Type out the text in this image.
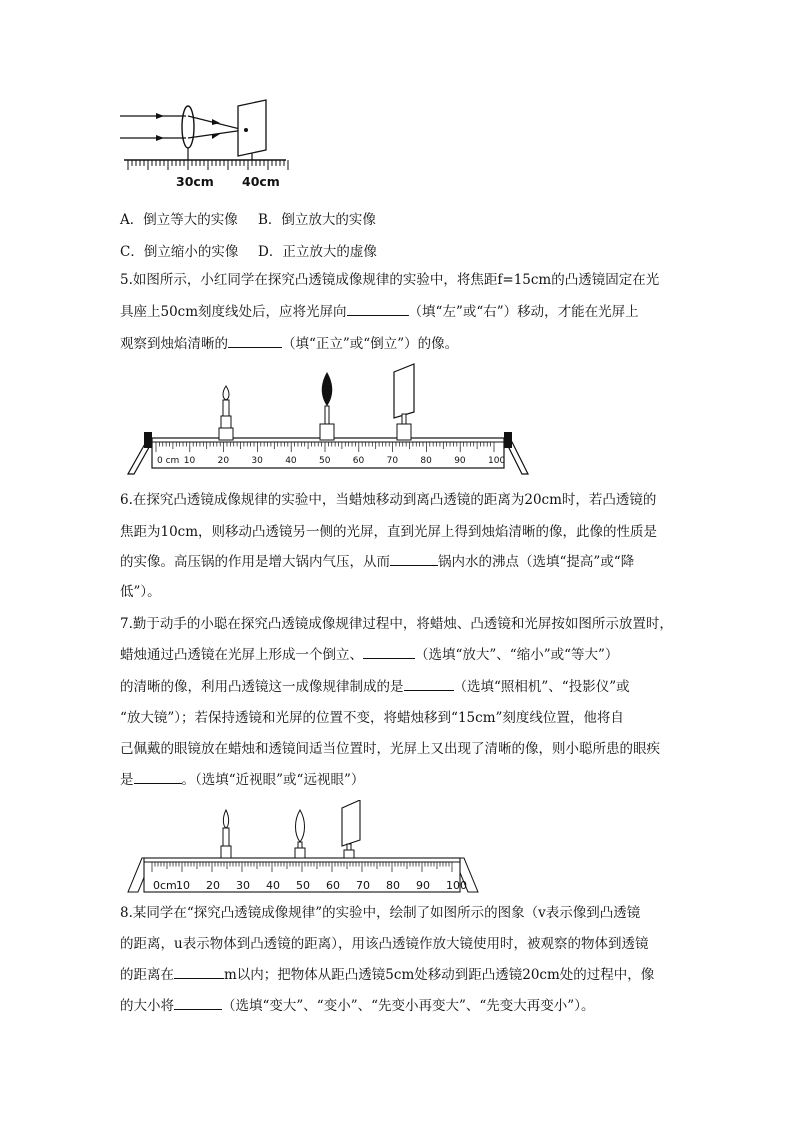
30cm 40cm
A．倒立等大的实像 B．倒立放大的实像
C．倒立缩小的实像 D．正立放大的虚像
5.如图所示，小红同学在探究凸透镜成像规律的实验中，将焦距f=15cm的凸透镜固定在光
具座上50cm刻度线处后，应将光屏向	（填“左”或“右”）移动，才能在光屏上
观察到烛焰清晰的	（填“正立”或“倒立”）的像。
0 cm 10 20 30 40 50 60 70 80 90 100
6.在探究凸透镜成像规律的实验中，当蜡烛移动到离凸透镜的距离为20cm时，若凸透镜的
焦距为10cm，则移动凸透镜另一侧的光屏，直到光屏上得到烛焰清晰的像，此像的性质是
的实像。高压锅的作用是增大锅内气压，从而	锅内水的沸点（选填“提高”或“降
低”）。
7.勤于动手的小聪在探究凸透镜成像规律过程中，将蜡烛、凸透镜和光屏按如图所示放置时，
蜡烛通过凸透镜在光屏上形成一个倒立、	（选填“放大”、“缩小”或“等大”）
的清晰的像，利用凸透镜这一成像规律制成的是	（选填“照相机”、“投影仪”或
“放大镜”）；若保持透镜和光屏的位置不变，将蜡烛移到“15cm”刻度线位置，他将自
己佩戴的眼镜放在蜡烛和透镜间适当位置时，光屏上又出现了清晰的像，则小聪所患的眼疾
是	。（选填“近视眼”或“远视眼”）
0cm 10 20 30 40 50 60 70 80 90 100
8.某同学在“探究凸透镜成像规律”的实验中，绘制了如图所示的图象（v表示像到凸透镜
的距离，u表示物体到凸透镜的距离），用该凸透镜作放大镜使用时，被观察的物体到透镜
的距离在	m以内；把物体从距凸透镜5cm处移动到距凸透镜20cm处的过程中，像
的大小将	（选填“变大”、“变小”、“先变小再变大”、“先变大再变小”）。
